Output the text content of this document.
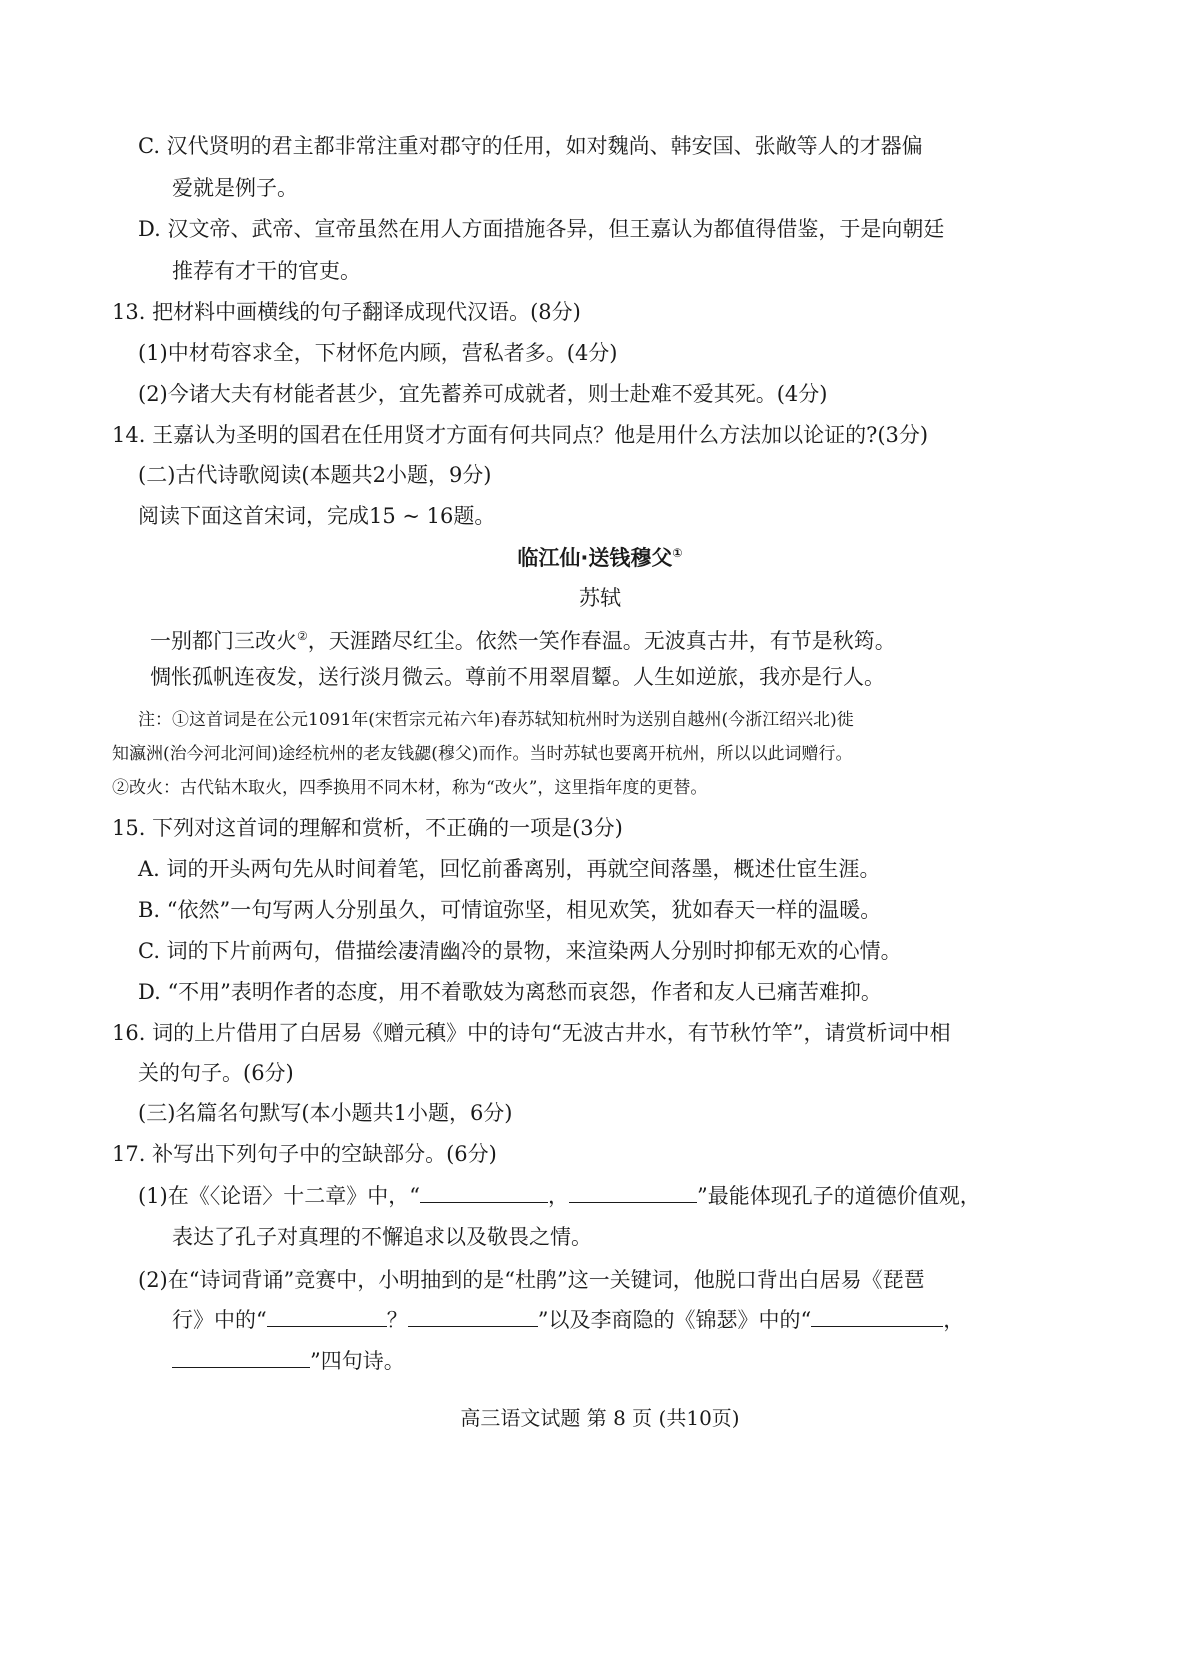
C. 汉代贤明的君主都非常注重对郡守的任用，如对魏尚、韩安国、张敞等人的才器偏
爱就是例子。
D. 汉文帝、武帝、宣帝虽然在用人方面措施各异，但王嘉认为都值得借鉴，于是向朝廷
推荐有才干的官吏。
13. 把材料中画横线的句子翻译成现代汉语。(8分)
(1)中材苟容求全，下材怀危内顾，营私者多。(4分)
(2)今诸大夫有材能者甚少，宜先蓄养可成就者，则士赴难不爱其死。(4分)
14. 王嘉认为圣明的国君在任用贤才方面有何共同点？他是用什么方法加以论证的?(3分)
(二)古代诗歌阅读(本题共2小题，9分)
阅读下面这首宋词，完成15 ~ 16题。
临江仙·送钱穆父①
苏轼
一别都门三改火②，天涯踏尽红尘。依然一笑作春温。无波真古井，有节是秋筠。
惆怅孤帆连夜发，送行淡月微云。尊前不用翠眉颦。人生如逆旅，我亦是行人。
注：①这首词是在公元1091年(宋哲宗元祐六年)春苏轼知杭州时为送别自越州(今浙江绍兴北)徙
知瀛洲(治今河北河间)途经杭州的老友钱勰(穆父)而作。当时苏轼也要离开杭州，所以以此词赠行。
②改火：古代钻木取火，四季换用不同木材，称为“改火”，这里指年度的更替。
15. 下列对这首词的理解和赏析，不正确的一项是(3分)
A. 词的开头两句先从时间着笔，回忆前番离别，再就空间落墨，概述仕宦生涯。
B. “依然”一句写两人分别虽久，可情谊弥坚，相见欢笑，犹如春天一样的温暖。
C. 词的下片前两句，借描绘凄清幽冷的景物，来渲染两人分别时抑郁无欢的心情。
D. “不用”表明作者的态度，用不着歌妓为离愁而哀怨，作者和友人已痛苦难抑。
16. 词的上片借用了白居易《赠元稹》中的诗句“无波古井水，有节秋竹竿”，请赏析词中相
关的句子。(6分)
(三)名篇名句默写(本小题共1小题，6分)
17. 补写出下列句子中的空缺部分。(6分)
(1)在《〈论语〉十二章》中，“	，	”最能体现孔子的道德价值观，
表达了孔子对真理的不懈追求以及敬畏之情。
(2)在“诗词背诵”竞赛中，小明抽到的是“杜鹃”这一关键词，他脱口背出白居易《琵琶
行》中的“	？	”以及李商隐的《锦瑟》中的“	，
”四句诗。
高三语文试题 第 8 页 (共10页)
